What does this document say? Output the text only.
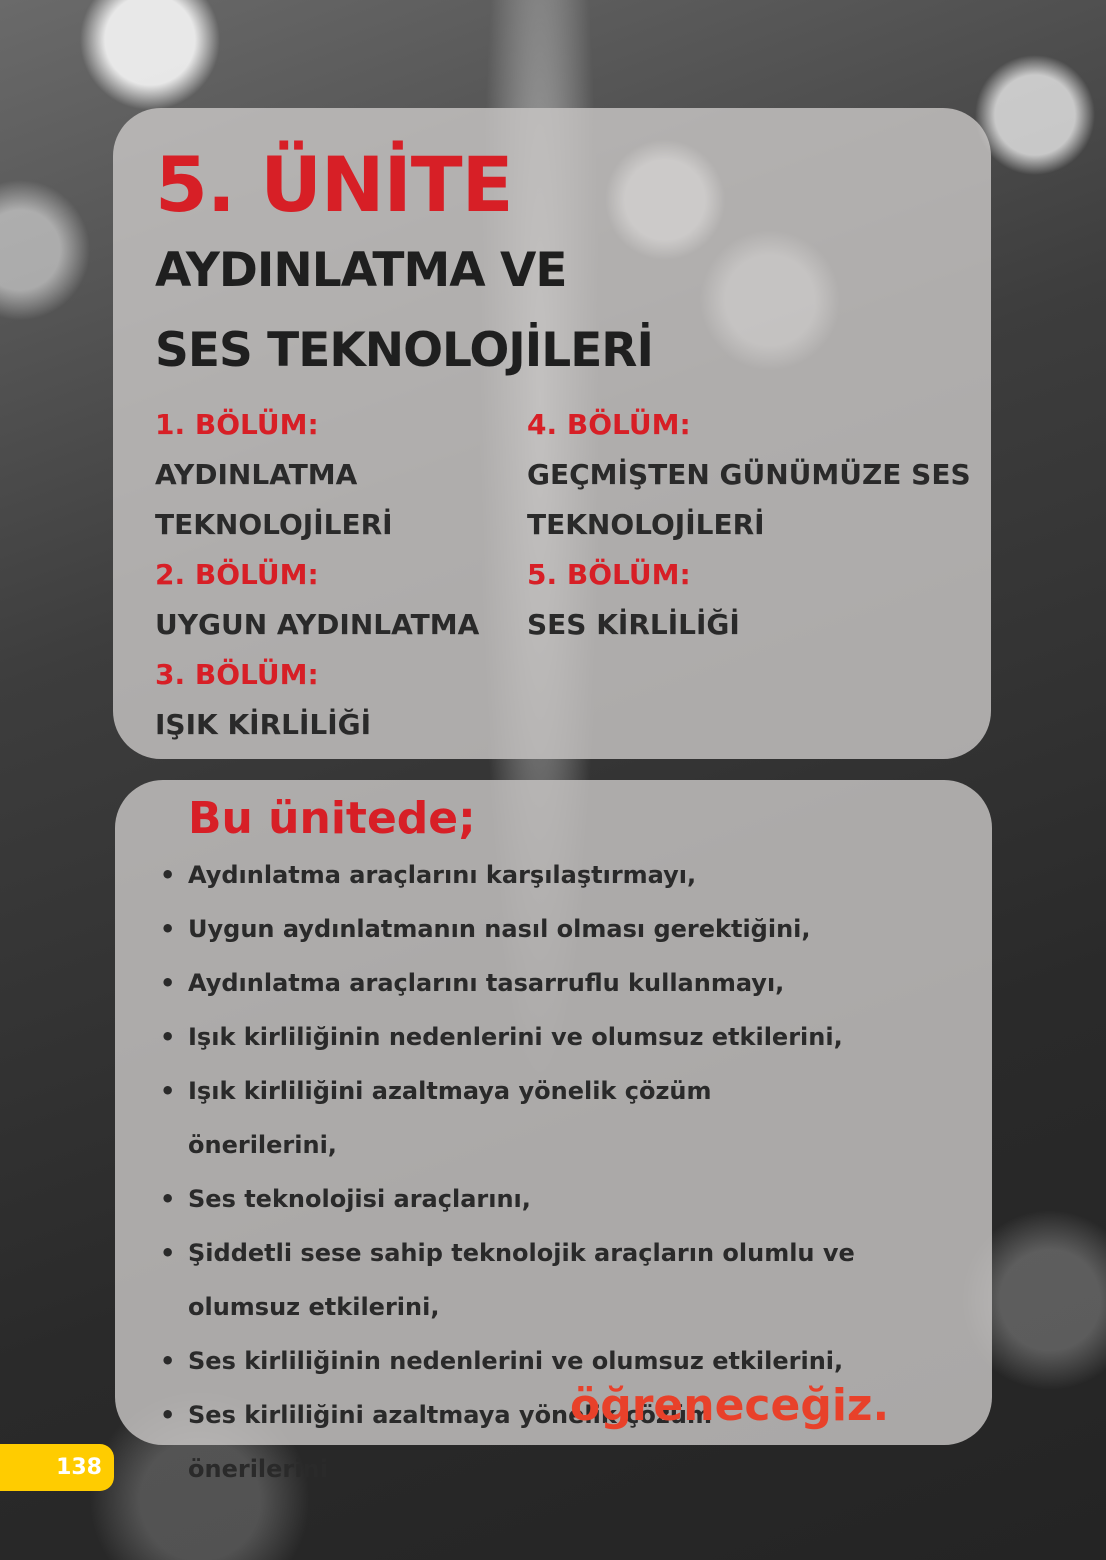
5. ÜNİTE
AYDINLATMA VE
SES TEKNOLOJİLERİ
1. BÖLÜM:
AYDINLATMA
TEKNOLOJİLERİ
2. BÖLÜM:
UYGUN AYDINLATMA
3. BÖLÜM:
IŞIK KİRLİLİĞİ
4. BÖLÜM:
GEÇMİŞTEN GÜNÜMÜZE SES
TEKNOLOJİLERİ
5. BÖLÜM:
SES KİRLİLİĞİ
Bu ünitede;
• Aydınlatma araçlarını karşılaştırmayı,
• Uygun aydınlatmanın nasıl olması gerektiğini,
• Aydınlatma araçlarını tasarruflu kullanmayı,
• Işık kirliliğinin nedenlerini ve olumsuz etkilerini,
• Işık kirliliğini azaltmaya yönelik çözüm önerilerini,
• Ses teknolojisi araçlarını,
• Şiddetli sese sahip teknolojik araçların olumlu ve
olumsuz etkilerini,
• Ses kirliliğinin nedenlerini ve olumsuz etkilerini,
• Ses kirliliğini azaltmaya yönelik çözüm önerilerini
öğreneceğiz.
138
